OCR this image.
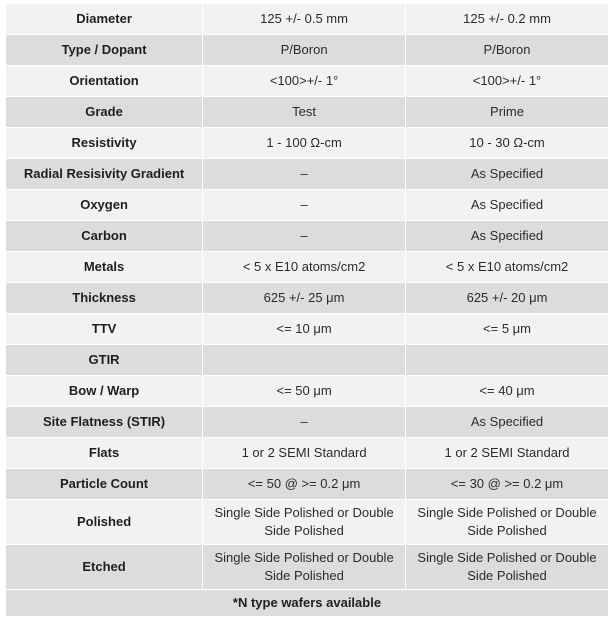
Diameter	125 +/- 0.5 mm	125 +/- 0.2 mm
Type / Dopant	P/Boron	P/Boron
Orientation	<100>+/- 1°	<100>+/- 1°
Grade	Test	Prime
Resistivity	1 - 100 Ω-cm	10 - 30 Ω-cm
Radial Resisivity Gradient	–	As Specified
Oxygen	–	As Specified
Carbon	–	As Specified
Metals	< 5 x E10 atoms/cm2	< 5 x E10 atoms/cm2
Thickness	625 +/- 25 μm	625 +/- 20 μm
TTV	<= 10 μm	<= 5 μm
GTIR		
Bow / Warp	<= 50 μm	<= 40 μm
Site Flatness (STIR)	–	As Specified
Flats	1 or 2 SEMI Standard	1 or 2 SEMI Standard
Particle Count	<= 50 @ >= 0.2 μm	<= 30 @ >= 0.2 μm
Polished	Single Side Polished or Double Side Polished	Single Side Polished or Double Side Polished
Etched	Single Side Polished or Double Side Polished	Single Side Polished or Double Side Polished
*N type wafers available		
